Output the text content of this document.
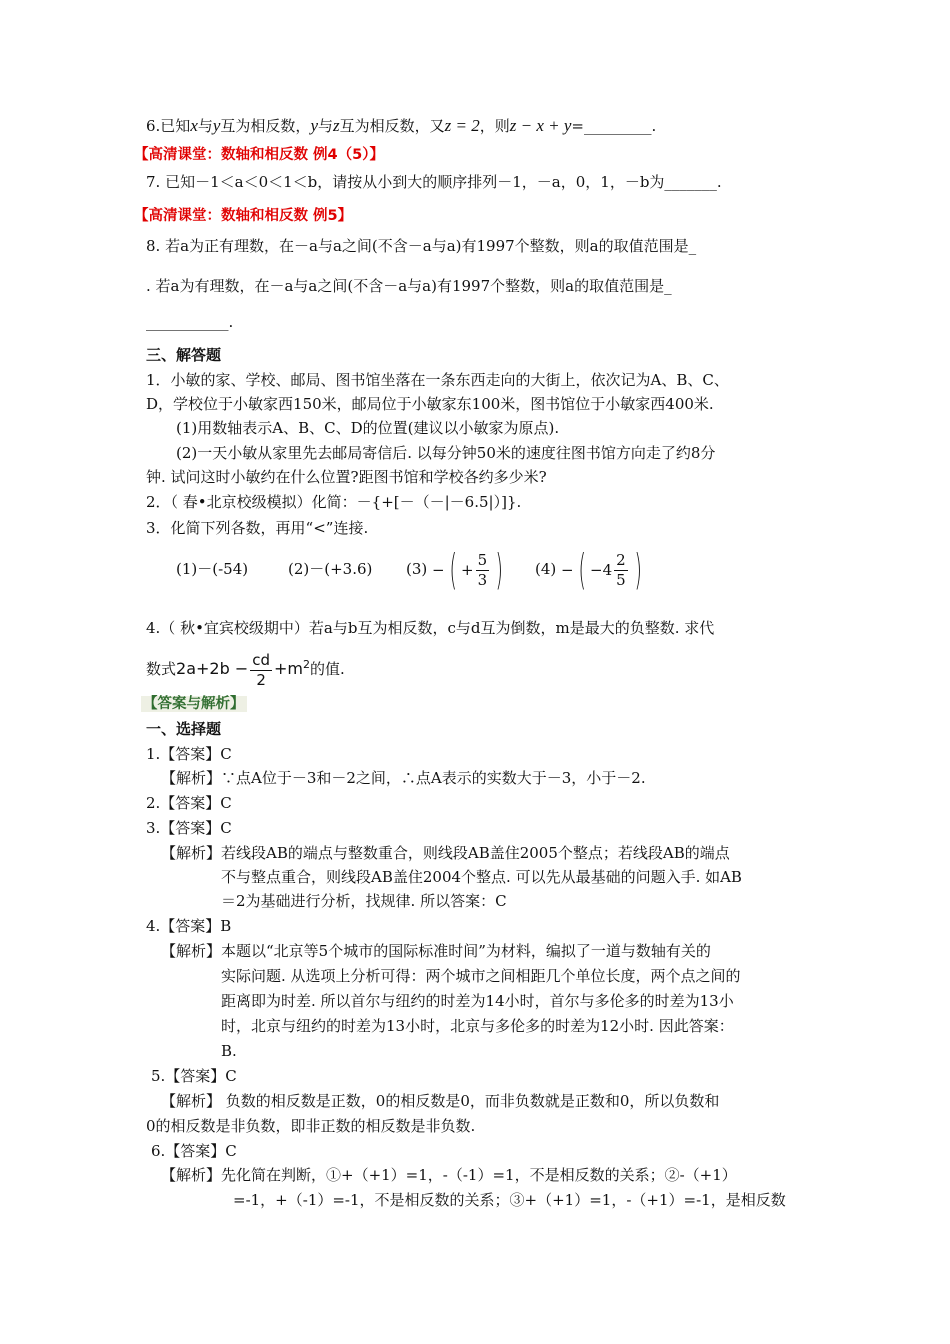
6.已知x与y互为相反数，y与z互为相反数，又z = 2，则z − x + y=_________.
【高清课堂：数轴和相反数 例4（5）】
7. 已知－1＜a＜0＜1＜b，请按从小到大的顺序排列－1，－a，0，1，－b为_______.
【高清课堂：数轴和相反数 例5】
8. 若a为正有理数，在－a与a之间(不含－a与a)有1997个整数，则a的取值范围是_
. 若a为有理数，在－a与a之间(不含－a与a)有1997个整数，则a的取值范围是_
___________.
三、解答题
1．小敏的家、学校、邮局、图书馆坐落在一条东西走向的大街上，依次记为A、B、C、
D，学校位于小敏家西150米，邮局位于小敏家东100米，图书馆位于小敏家西400米.
(1)用数轴表示A、B、C、D的位置(建议以小敏家为原点).
(2)一天小敏从家里先去邮局寄信后. 以每分钟50米的速度往图书馆方向走了约8分
钟. 试问这时小敏约在什么位置?距图书馆和学校各约多少米?
2．（ 春•北京校级模拟）化简：－{+[－（－|－6.5|）]}.
3．化简下列各数，再用“<”连接.
(1)－(-54)	(2)－(+3.6) (3) − ( + $\frac{5}{3}$ )	(4) − ( $-4 \frac{2}{5}$ )
4.（ 秋•宜宾校级期中）若a与b互为相反数，c与d互为倒数，m是最大的负整数. 求代
数式$2a+2b - \frac{cd}{2} +m^2$的值.
【答案与解析】
一、选择题
1.【答案】C
【解析】∵点A位于－3和－2之间，∴点A表示的实数大于－3，小于－2.
2.【答案】C
3.【答案】C
【解析】若线段AB的端点与整数重合，则线段AB盖住2005个整点；若线段AB的端点
不与整点重合，则线段AB盖住2004个整点. 可以先从最基础的问题入手. 如AB
＝2为基础进行分析，找规律. 所以答案：C
4.【答案】B
【解析】本题以“北京等5个城市的国际标准时间”为材料，编拟了一道与数轴有关的
实际问题. 从选项上分析可得：两个城市之间相距几个单位长度，两个点之间的
距离即为时差. 所以首尔与纽约的时差为14小时，首尔与多伦多的时差为13小
时，北京与纽约的时差为13小时，北京与多伦多的时差为12小时. 因此答案：
B.
5.【答案】C
【解析】 负数的相反数是正数，0的相反数是0，而非负数就是正数和0，所以负数和
0的相反数是非负数，即非正数的相反数是非负数.
6.【答案】C
【解析】先化简在判断，①+（+1）=1，-（-1）=1，不是相反数的关系；②-（+1）
=-1，+（-1）=-1，不是相反数的关系；③+（+1）=1，-（+1）=-1，是相反数
